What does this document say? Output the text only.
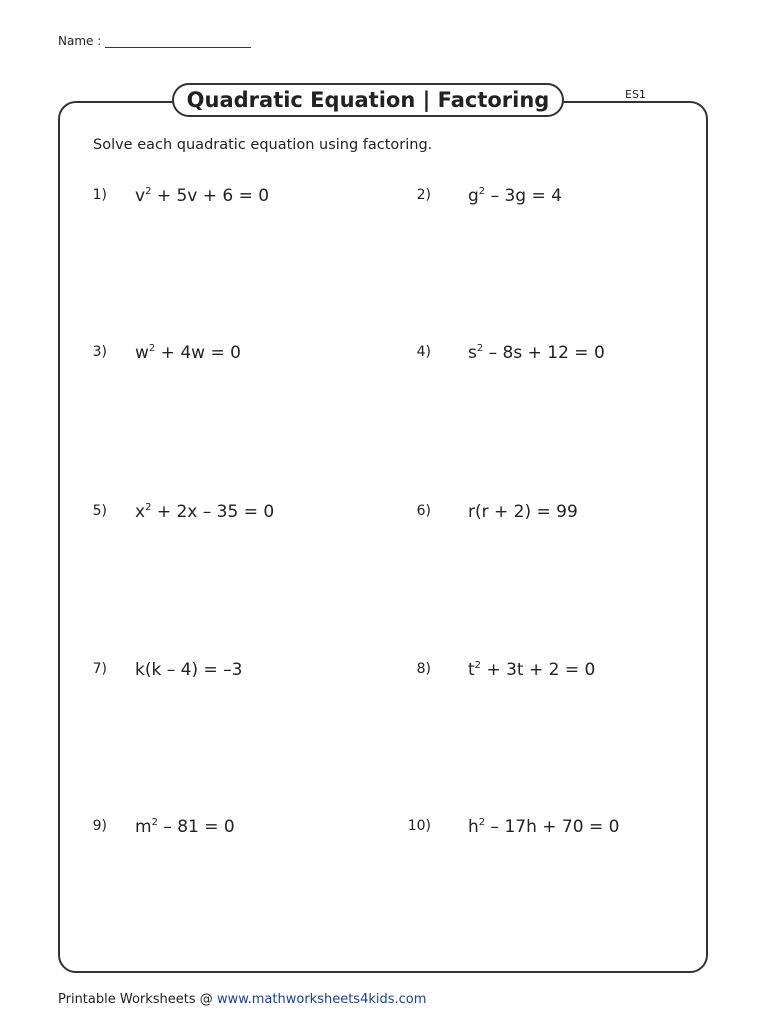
Name :
Quadratic Equation | Factoring	ES1
Solve each quadratic equation using factoring.
1) $v^2 + 5v + 6 = 0$	2) $g^2 - 3g = 4$
3) $w^2 + 4w = 0$	4) $s^2 - 8s + 12 = 0$
5) $x^2 + 2x - 35 = 0$	6) r(r + 2) = 99
7) k(k – 4) = –3	8) $t^2 + 3t + 2 = 0$
9) $m^2 - 81 = 0$	10) $h^2 - 17h + 70 = 0$
Printable Worksheets @ www.mathworksheets4kids.com
